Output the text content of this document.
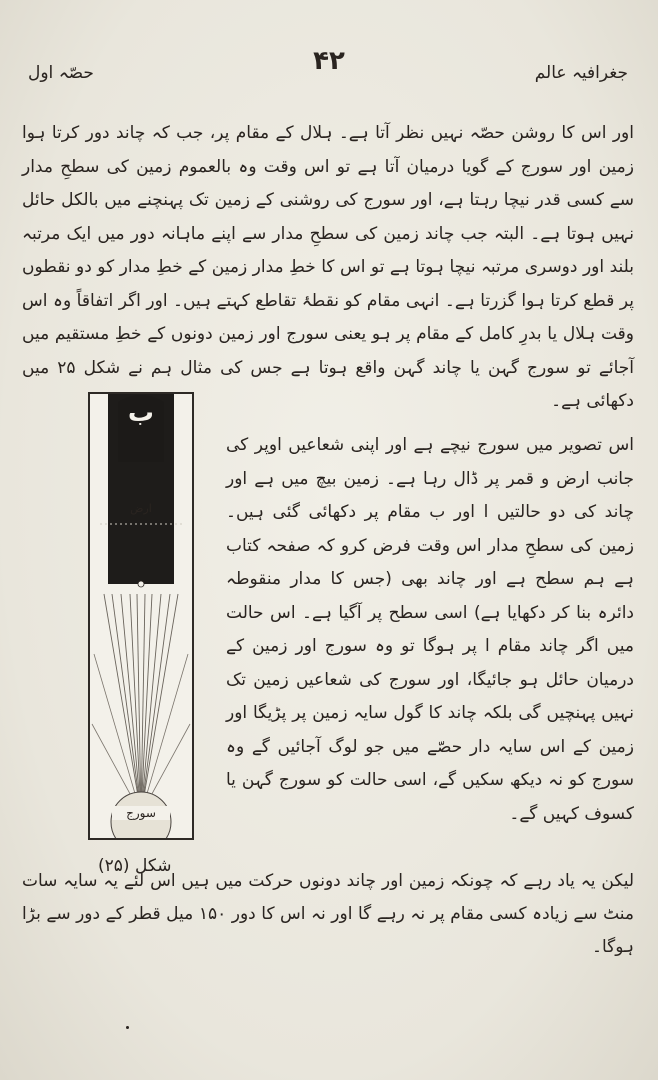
حصّہ اول	۴۲	جغرافیہ عالم

اور اس کا روشن حصّہ نہیں نظر آتا ہے۔ ہلال کے مقام پر، جب کہ چاند دور کرتا ہوا زمین اور سورج کے گویا درمیان آتا ہے تو اس وقت وہ بالعموم زمین کی سطحِ مدار سے کسی قدر نیچا رہتا ہے، اور سورج کی روشنی کے زمین تک پہنچنے میں بالکل حائل نہیں ہوتا ہے۔ البتہ جب چاند زمین کی سطحِ مدار سے اپنے ماہانہ دور میں ایک مرتبہ بلند اور دوسری مرتبہ نیچا ہوتا ہے تو اس کا خطِ مدار زمین کے خطِ مدار کو دو نقطوں پر قطع کرتا ہوا گزرتا ہے۔ انہی مقام کو نقطۂ تقاطع کہتے ہیں۔ اور اگر اتفاقاً وہ اس وقت ہلال یا بدرِ کامل کے مقام پر ہو یعنی سورج اور زمین دونوں کے خطِ مستقیم میں آجائے تو سورج گہن یا چاند گہن واقع ہوتا ہے جس کی مثال ہم نے شکل ۲۵ میں دکھائی ہے۔

ب
ارض
سورج

اس تصویر میں سورج نیچے ہے اور اپنی شعاعیں اوپر کی جانب ارض و قمر پر ڈال رہا ہے۔ زمین بیچ میں ہے اور چاند کی دو حالتیں ا اور ب مقام پر دکھائی گئی ہیں۔ زمین کی سطحِ مدار اس وقت فرض کرو کہ صفحہ کتاب ہے ہم سطح ہے اور چاند بھی (جس کا مدار منقوطہ دائرہ بنا کر دکھایا ہے) اسی سطح پر آگیا ہے۔ اس حالت میں اگر چاند مقام ا پر ہوگا تو وہ سورج اور زمین کے درمیان حائل ہو جائیگا، اور سورج کی شعاعیں زمین تک نہیں پہنچیں گی بلکہ چاند کا گول سایہ زمین پر پڑیگا اور زمین کے اس سایہ دار حصّے میں جو لوگ آجائیں گے وہ سورج کو نہ دیکھ سکیں گے، اسی حالت کو سورج گہن یا کسوف کہیں گے۔

شکل (۲۵)

لیکن یہ یاد رہے کہ چونکہ زمین اور چاند دونوں حرکت میں ہیں اس لئے یہ سایہ سات منٹ سے زیادہ کسی مقام پر نہ رہے گا اور نہ اس کا دور ۱۵۰ میل قطر کے دور سے بڑا ہوگا۔
